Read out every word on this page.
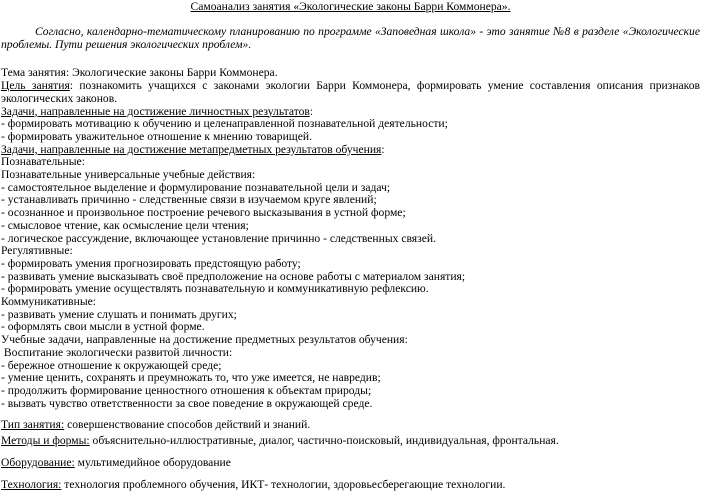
Самоанализ занятия «Экологические законы Барри Коммонера».

Согласно, календарно-тематическому планированию по программе «Заповедная школа» - это занятие №8 в разделе «Экологические проблемы. Пути решения экологических проблем».

Тема занятия: Экологические законы Барри Коммонера.
Цель занятия: познакомить учащихся с законами экологии Барри Коммонера, формировать умение составления описания признаков экологических законов.
Задачи, направленные на достижение личностных результатов:
- формировать мотивацию к обучению и целенаправленной познавательной деятельности;
- формировать уважительное отношение к мнению товарищей.
Задачи, направленные на достижение метапредметных результатов обучения:
Познавательные:
Познавательные универсальные учебные действия:
- самостоятельное выделение и формулирование познавательной цели и задач;
- устанавливать причинно - следственные связи в изучаемом круге явлений;
- осознанное и произвольное построение речевого высказывания в устной форме;
- смысловое чтение, как осмысление цели чтения;
- логическое рассуждение, включающее установление причинно - следственных связей.
Регулятивные:
- формировать умения прогнозировать предстоящую работу;
- развивать умение высказывать своё предположение на основе работы с материалом занятия;
- формировать умение осуществлять познавательную и коммуникативную рефлексию.
Коммуникативные:
- развивать умение слушать и понимать других;
- оформлять свои мысли в устной форме.
Учебные задачи, направленные на достижение предметных результатов обучения:
Воспитание экологически развитой личности:
- бережное отношение к окружающей среде;
- умение ценить, сохранять и преумножать то, что уже имеется, не навредив;
- продолжить формирование ценностного отношения к объектам природы;
- вызвать чувство ответственности за свое поведение в окружающей среде.
Тип занятия: совершенствование способов действий и знаний.
Методы и формы: объяснительно-иллюстративные, диалог, частично-поисковый, индивидуальная, фронтальная.
Оборудование: мультимедийное оборудование
Технология: технология проблемного обучения, ИКТ- технологии, здоровьесберегающие технологии.
